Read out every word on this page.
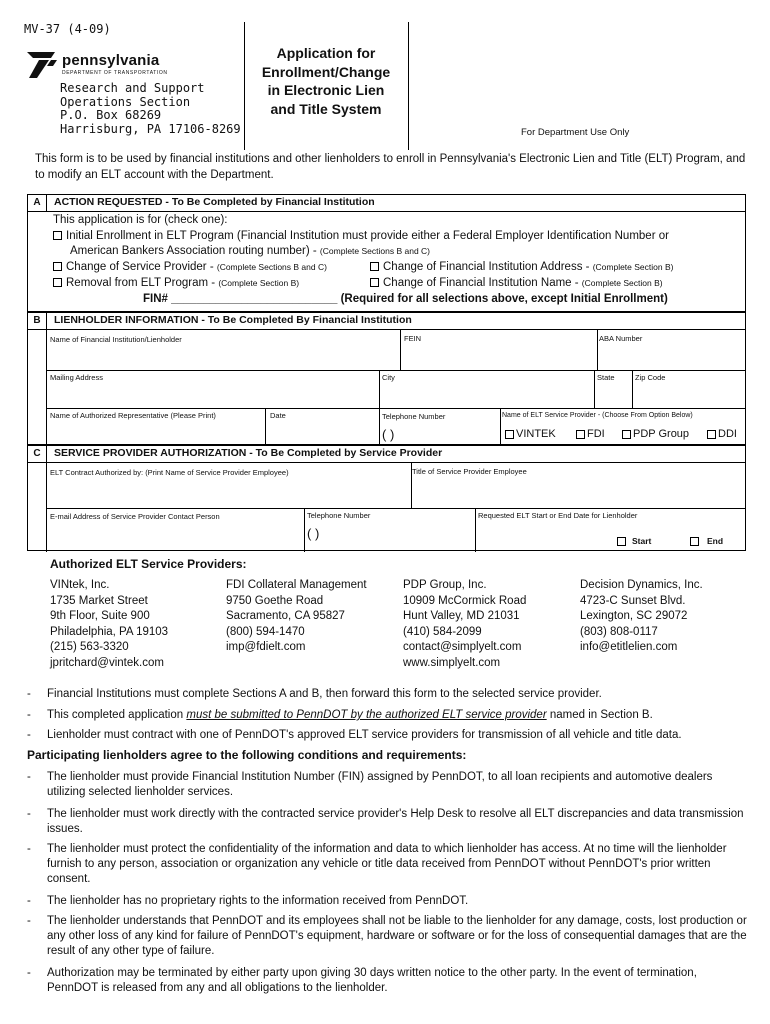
MV-37 (4-09)
pennsylvania
DEPARTMENT OF TRANSPORTATION
Research and Support
Operations Section
P.O. Box 68269
Harrisburg, PA 17106-8269
Application for
Enrollment/Change
in Electronic Lien
and Title System
For Department Use Only
This form is to be used by financial institutions and other lienholders to enroll in Pennsylvania's Electronic Lien and Title (ELT) Program, and to modify an ELT account with the Department.
A	ACTION REQUESTED - To Be Completed by Financial Institution
This application is for (check one):
Initial Enrollment in ELT Program (Financial Institution must provide either a Federal Employer Identification Number or
American Bankers Association routing number) - (Complete Sections B and C)
Change of Service Provider - (Complete Sections B and C)	Change of Financial Institution Address - (Complete Section B)
Removal from ELT Program - (Complete Section B)	Change of Financial Institution Name - (Complete Section B)
FIN# __________________________ (Required for all selections above, except Initial Enrollment)
B	LIENHOLDER INFORMATION - To Be Completed By Financial Institution
Name of Financial Institution/Lienholder	FEIN	ABA Number
Mailing Address	City	State	Zip Code
Name of Authorized Representative (Please Print)	Date	Telephone Number	Name of ELT Service Provider - (Choose From Option Below)
( )	VINTEK	FDI	PDP Group	DDI
C	SERVICE PROVIDER AUTHORIZATION - To Be Completed by Service Provider
ELT Contract Authorized by: (Print Name of Service Provider Employee)	Title of Service Provider Employee
E-mail Address of Service Provider Contact Person	Telephone Number	Requested ELT Start or End Date for Lienholder
( )	Start	End
Authorized ELT Service Providers:
VINtek, Inc.
1735 Market Street
9th Floor, Suite 900
Philadelphia, PA 19103
(215) 563-3320
jpritchard@vintek.com
FDI Collateral Management
9750 Goethe Road
Sacramento, CA 95827
(800) 594-1470
imp@fdielt.com
PDP Group, Inc.
10909 McCormick Road
Hunt Valley, MD 21031
(410) 584-2099
contact@simplyelt.com
www.simplyelt.com
Decision Dynamics, Inc.
4723-C Sunset Blvd.
Lexington, SC 29072
(803) 808-0117
info@etitlelien.com
- Financial Institutions must complete Sections A and B, then forward this form to the selected service provider.
- This completed application must be submitted to PennDOT by the authorized ELT service provider named in Section B.
- Lienholder must contract with one of PennDOT's approved ELT service providers for transmission of all vehicle and title data.
Participating lienholders agree to the following conditions and requirements:
- The lienholder must provide Financial Institution Number (FIN) assigned by PennDOT, to all loan recipients and automotive dealers utilizing selected lienholder services.
- The lienholder must work directly with the contracted service provider's Help Desk to resolve all ELT discrepancies and data transmission issues.
- The lienholder must protect the confidentiality of the information and data to which lienholder has access. At no time will the lienholder furnish to any person, association or organization any vehicle or title data received from PennDOT without PennDOT's prior written consent.
- The lienholder has no proprietary rights to the information received from PennDOT.
- The lienholder understands that PennDOT and its employees shall not be liable to the lienholder for any damage, costs, lost production or any other loss of any kind for failure of PennDOT's equipment, hardware or software or for the loss of consequential damages that are the result of any other type of failure.
- Authorization may be terminated by either party upon giving 30 days written notice to the other party. In the event of termination, PennDOT is released from any and all obligations to the lienholder.
